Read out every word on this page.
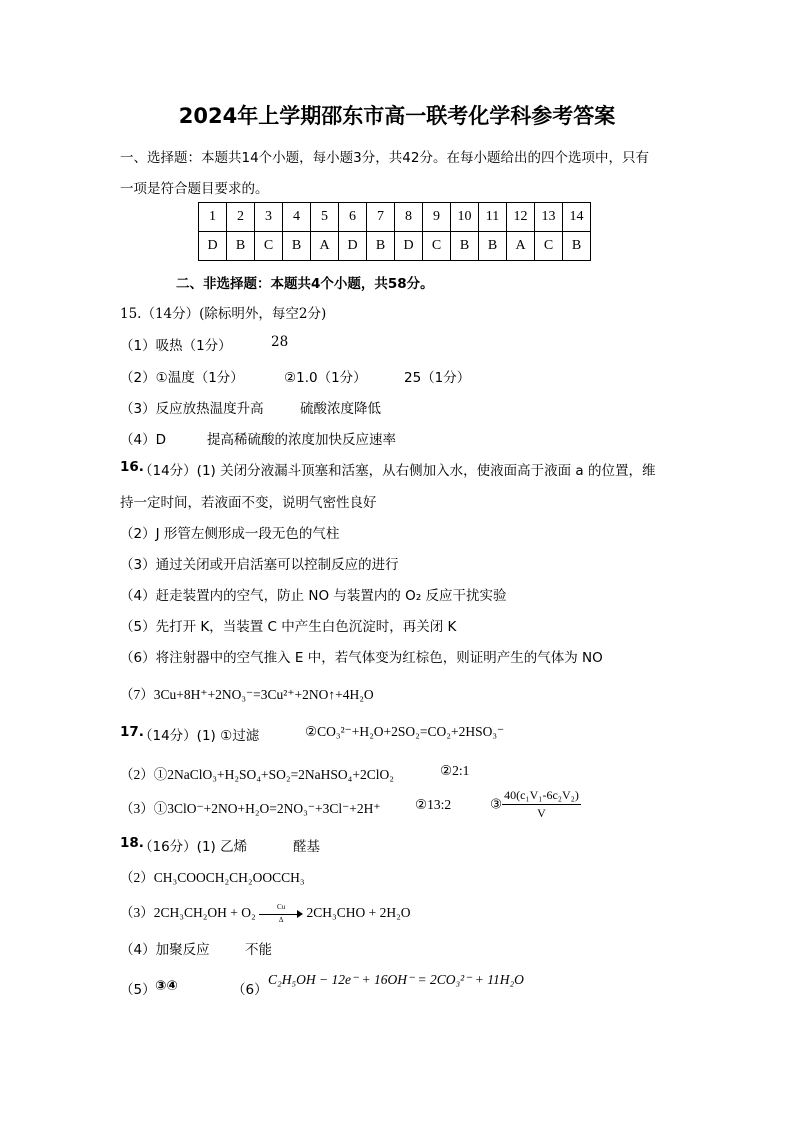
2024年上学期邵东市高一联考化学科参考答案
一、选择题：本题共14个小题，每小题3分，共42分。在每小题给出的四个选项中，只有
一项是符合题目要求的。
1	2	3	4	5	6	7	8	9	10	11	12	13	14
D	B	C	B	A	D	B	D	C	B	B	A	C	B
二、非选择题：本题共4个小题，共58分。
15.（14分）(除标明外，每空2分)
（1）吸热（1分）	28
（2）①温度（1分）	②1.0（1分）	25（1分）
（3）反应放热温度升高	硫酸浓度降低
（4）D	提高稀硫酸的浓度加快反应速率
16.
（14分）(1) 关闭分液漏斗顶塞和活塞，从右侧加入水，使液面高于液面 a 的位置，维
持一定时间，若液面不变，说明气密性良好
（2）J 形管左侧形成一段无色的气柱
（3）通过关闭或开启活塞可以控制反应的进行
（4）赶走装置内的空气，防止 NO 与装置内的 O₂ 反应干扰实验
（5）先打开 K，当装置 C 中产生白色沉淀时，再关闭 K
（6）将注射器中的空气推入 E 中，若气体变为红棕色，则证明产生的气体为 NO
（7）3Cu+8H⁺+2NO₃⁻=3Cu²⁺+2NO↑+4H₂O
17.
（14分）(1) ①过滤	②CO₃²⁻+H₂O+2SO₂=CO₂+2HSO₃⁻
（2）①2NaClO₃+H₂SO₄+SO₂=2NaHSO₄+2ClO₂	②2:1
（3）①3ClO⁻+2NO+H₂O=2NO₃⁻+3Cl⁻+2H⁺	②13:2	③ $\frac{\text{40(c₁V₁-6c₂V₂)}}{V}$
18.
（16分）(1) 乙烯	醛基
（2）CH₃COOCH₂CH₂OOCCH₃
$(3)2CH_3CH_2OH + O_2 \frac{Cu}{\Delta} 2CH_3CHO + 2H_2O$
（4）加聚反应	不能
（5） ③④	（6）
C₂H₅OH − 12e⁻ + 16OH⁻ = 2CO₃²⁻ + 11H₂O
